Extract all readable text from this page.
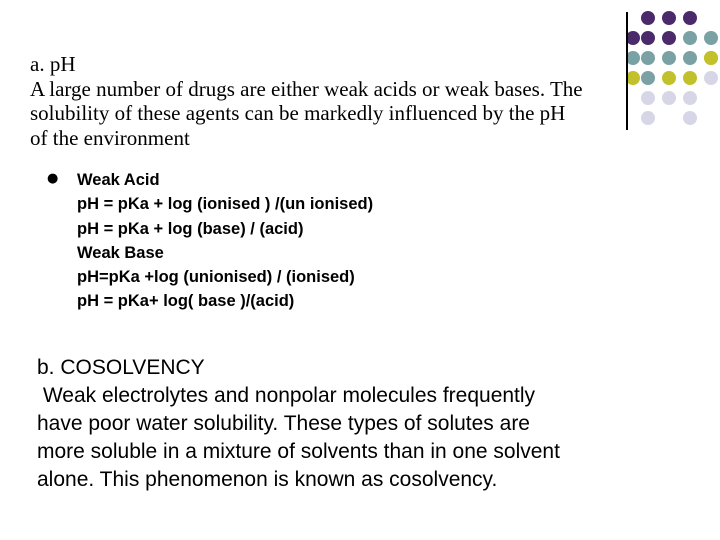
a. pH
A large number of drugs are either weak acids or weak bases. The
solubility of these agents can be markedly influenced by the pH
of the environment
● Weak Acid
pH = pKa + log (ionised ) /(un ionised)
pH = pKa + log (base) / (acid)
Weak Base
pH=pKa +log (unionised) / (ionised)
pH = pKa+ log( base )/(acid)
b. COSOLVENCY
Weak electrolytes and nonpolar molecules frequently
have poor water solubility. These types of solutes are
more soluble in a mixture of solvents than in one solvent
alone. This phenomenon is known as cosolvency.
